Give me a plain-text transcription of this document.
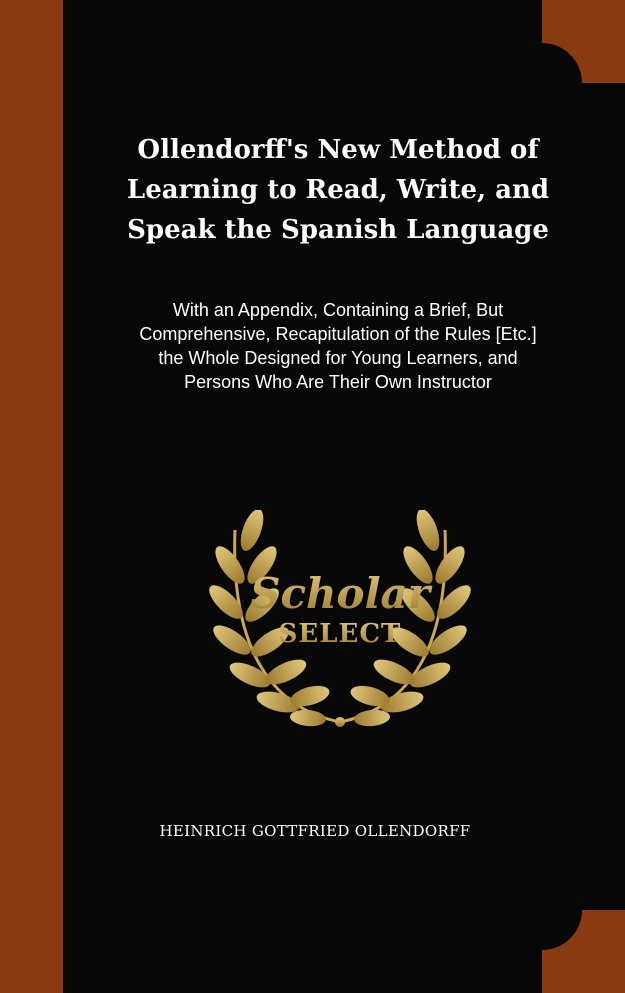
Ollendorff's New Method of Learning to Read, Write, and Speak the Spanish Language
With an Appendix, Containing a Brief, But Comprehensive, Recapitulation of the Rules [Etc.] the Whole Designed for Young Learners, and Persons Who Are Their Own Instructor
Scholar
SELECT
HEINRICH GOTTFRIED OLLENDORFF
